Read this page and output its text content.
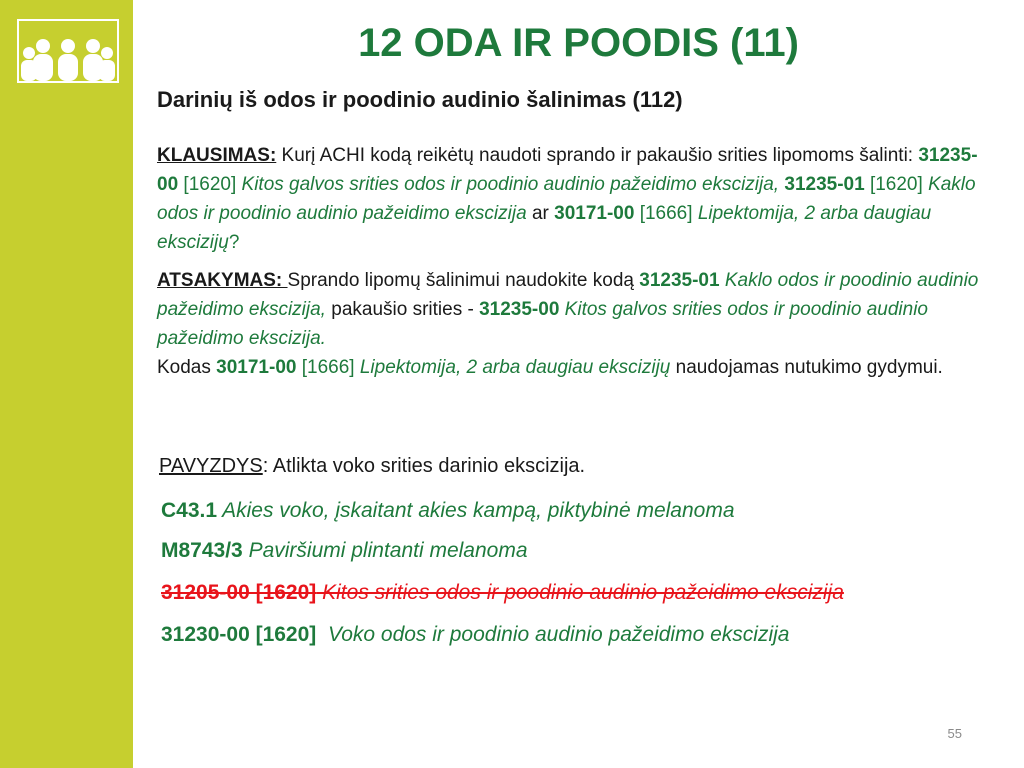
12 ODA IR POODIS (11)
Darinių iš odos ir poodinio audinio šalinimas (112)
KLAUSIMAS: Kurį ACHI kodą reikėtų naudoti sprando ir pakaušio srities lipomoms šalinti: 31235-00 [1620] Kitos galvos srities odos ir poodinio audinio pažeidimo ekscizija, 31235-01 [1620] Kaklo odos ir poodinio audinio pažeidimo ekscizija ar 30171-00 [1666] Lipektomija, 2 arba daugiau ekscizijų?
ATSAKYMAS: Sprando lipomų šalinimui naudokite kodą 31235-01 Kaklo odos ir poodinio audinio pažeidimo ekscizija, pakaušio srities - 31235-00 Kitos galvos srities odos ir poodinio audinio pažeidimo ekscizija.
Kodas 30171-00 [1666] Lipektomija, 2 arba daugiau ekscizijų naudojamas nutukimo gydymui.
PAVYZDYS: Atlikta voko srities darinio ekscizija.
C43.1 Akies voko, įskaitant akies kampą, piktybinė melanoma
M8743/3 Paviršiumi plintanti melanoma
31205-00 [1620] Kitos srities odos ir poodinio audinio pažeidimo ekscizija
31230-00 [1620]  Voko odos ir poodinio audinio pažeidimo ekscizija
55
